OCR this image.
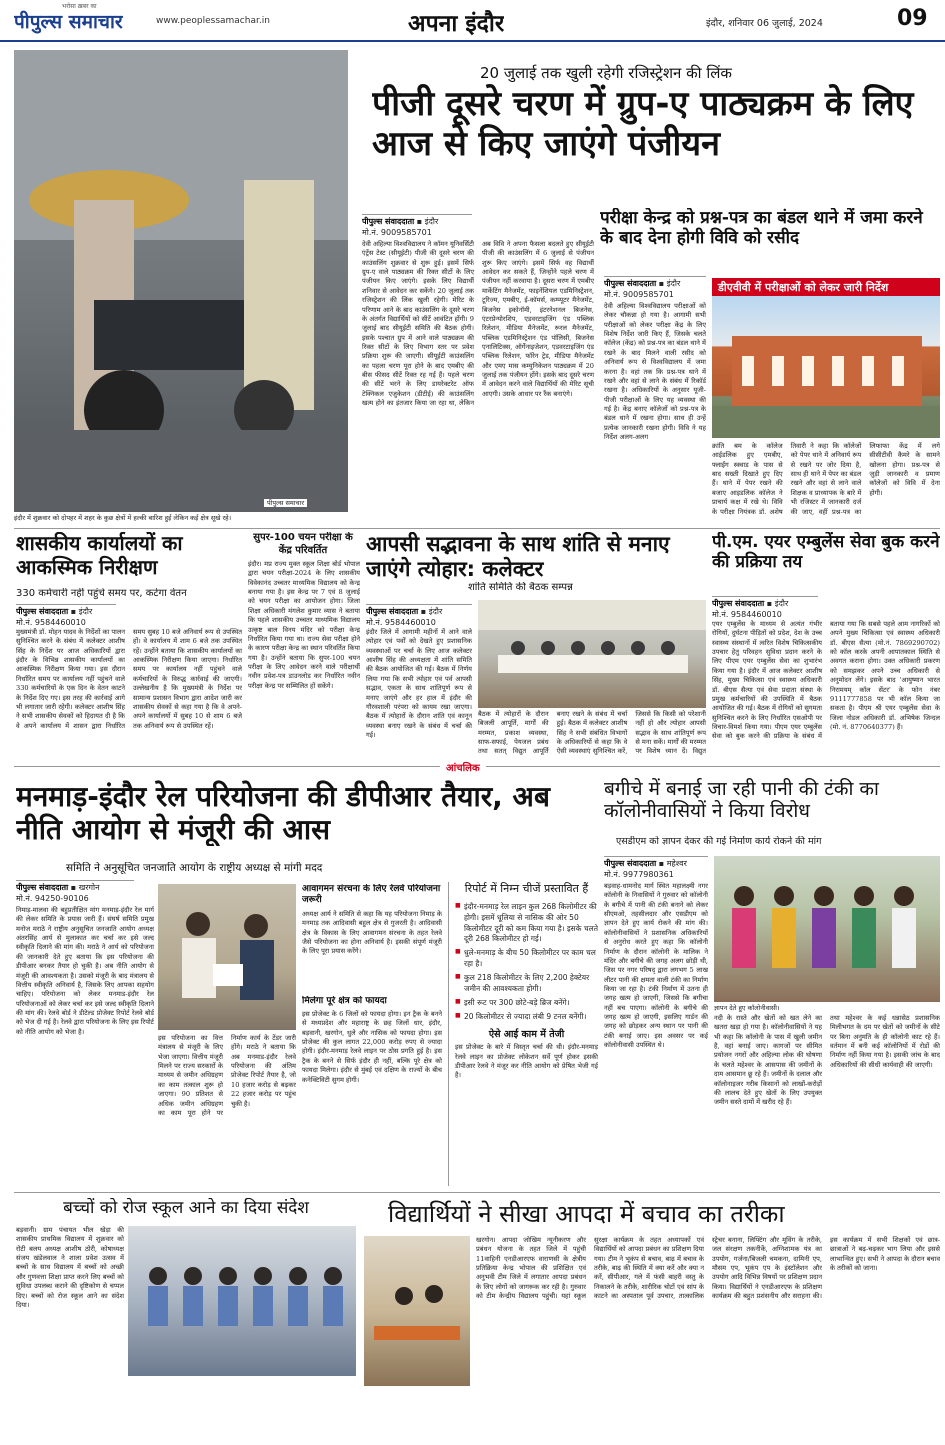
पीपुल्स समाचार
भरोसा ख़बर का
www.peoplessamachar.in	अपना इंदौर	इंदौर, शनिवार 06 जुलाई, 2024	09
पीपुल्स समाचार
इंदौर में शुक्रवार को दोपहर में शहर के कुछ क्षेत्रों में हल्की बारिश हुई लेकिन कई क्षेत्र सूखे रहे।
20 जुलाई तक खुली रहेगी रजिस्ट्रेशन की लिंक
पीजी दूसरे चरण में ग्रुप-ए पाठ्यक्रम के लिए आज से किए जाएंगे पंजीयन
पीपुल्स संवाददाता ▪ इंदौर
मो.नं. 9009585701
देवी अहिल्या विश्वविद्यालय ने कॉमन यूनिवर्सिटी एंट्रेंस टेस्ट (सीयूईटी) पीजी की दूसरे चरण की काउंसलिंग शुक्रवार से शुरू हुई। इसमें सिर्फ ग्रुप-ए वाले पाठ्यक्रम की रिक्त सीटों के लिए पंजीयन किए जाएंगे। इसके लिए विद्यार्थी शनिवार से आवेदन कर सकेंगे। 20 जुलाई तक रजिस्ट्रेशन की लिंक खुली रहेगी। मेरिट के परिणाम आने के बाद काउंसलिंग के दूसरे चरण के अंतर्गत विद्यार्थियों को सीटें आवंटित होंगी। 9 जुलाई बाद सीयूईटी समिति की बैठक होगी। इसके पश्चात ग्रुप में आने वाले पाठ्यक्रम की रिक्त सीटों के लिए विभाग स्तर पर प्रवेश प्रक्रिया शुरू की जाएगी। सीयूईटी काउंसलिंग का पहला चरण पूरा होने के बाद एमबीए की बीस फीसद सीटें रिक्त रह गईं हैं। पहले चरण की सीटें भरने के लिए डायरेक्टरेट ऑफ टेक्निकल एजुकेशन (डीटीई) की काउंसलिंग खत्म होने का इंतजार किया जा रहा था, लेकिन अब विवि ने अपना फैसला बदलते हुए सीयूईटी पीजी की काउंसलिंग में 6 जुलाई से पंजीयन शुरू किए जाएंगे। इसमें सिर्फ वह विद्यार्थी आवेदन कर सकते हैं, जिन्होंने पहले चरण में पंजीयन नहीं करवाया है। दूसरा चरण में एमबीए मार्केटिंग मैनेजमेंट, फाइनेंशियल एडमिनिस्ट्रेशन, टूरिज्म, एमबीए, ई-कॉमर्स, कम्प्यूटर मैनेजमेंट, बिजनेस इकोनॉमी, इंटरनेशनल बिजनेस, एंटरप्रेन्योरशिप, एडवरटाइजिंग एंड पब्लिक रिलेशन, मीडिया मैनेजमेंट, रूरल मैनेजमेंट, पब्लिक एडमिनिस्ट्रेशन एंड पॉलिसी, बिजनेस एनालिटिक्स, ऑर्गेनाइजेशन, एडवरटाइजिंग एंड पब्लिक रिलेशन, फॉरेन ट्रेड, मीडिया मैनेजमेंट और एमए मास कम्युनिकेशन पाठ्यक्रम में 20 जुलाई तक पंजीयन होंगे। इसके बाद दूसरे चरण में आवेदन करने वाले विद्यार्थियों की मेरिट सूची आएगी। उसके आधार पर रैंक बनाएंगे।
परीक्षा केन्द्र को प्रश्न-पत्र का बंडल थाने में जमा करने के बाद देना होगी विवि को रसीद
पीपुल्स संवाददाता ▪ इंदौर
मो.नं. 9009585701
देवी अहिल्या विश्वविद्यालय परीक्षाओं को लेकर चौकन्ना हो गया है। आगामी सभी परीक्षाओं को लेकर परीक्षा केंद्र के लिए विशेष निर्देश जारी किए हैं, जिसके चलते कॉलेज (केंद्र) को प्रश्न-पत्र का बंडल थाने में रखने के बाद मिलने वाली रसीद को अनिवार्य रूप से विश्वविद्यालय में जमा करना है। वहां तक कि प्रश्न-पत्र थाने में रखने और वहां से लाने के संबंध में रिकॉर्ड रखना है। अधिकारियों के अनुसार यूजी-पीजी परीक्षाओं के लिए यह व्यवस्था की गई है। केंद्र बनाए कॉलेजों को प्रश्न-पत्र के बंडल थाने में रखना होगा। साथ ही उन्हें प्रत्येक जानकारी रखना होगी। विवि ने यह निर्देश अलग-अलग
डीएवीवी में परीक्षाओं को लेकर जारी निर्देश
क्रांति बम के कॉलेज आईडलिक हुए एमबीए, फ्लाईंग स्क्वाड के पास से बाद सख्ती दिखाते हुए दिए हैं। थाने में पेपर रखने की बजाए आइडलिक कॉलेज ने प्राचार्य कक्ष में रखे थे। विवि के परीक्षा नियंत्रक डॉ. अशेष तिवारी ने कहा कि कॉलेजों को पेपर थाने में अनिवार्य रूप से रखने पर जोर दिया है, साथ ही थाने में पेपर का बंडल रखने और वहां से लाने वाले शिक्षक व प्राध्यापक के बारे में भी रजिस्टर में जानकारी दर्ज की जाए, वहीं प्रश्न-पत्र का लिफाफा केंद्र में लगे सीसीटीवी कैमरे के सामने खोलना होगा। प्रश्न-पत्र से जुड़ी जानकारी व प्रमाण कॉलेजों को विवि में देना होगी।
शासकीय कार्यालयों का आकस्मिक निरीक्षण
330 कर्मचारी नहीं पहुंचे समय पर, कटेगा वेतन
पीपुल्स संवाददाता ▪ इंदौर
मो.नं. 9584460010
मुख्यमंत्री डॉ. मोहन यादव के निर्देशों का पालन सुनिश्चित करने के संबंध में कलेक्टर आशीष सिंह के निर्देश पर आज अधिकारियों द्वारा इंदौर के विभिन्न शासकीय कार्यालयों का आकस्मिक निरीक्षण किया गया। इस दौरान निर्धारित समय पर कार्यालय नहीं पहुंचने वाले 330 कर्मचारियों के एक दिन के वेतन काटने के निर्देश दिए गए। इस तरह की कार्रवाई आगे भी लगातार जारी रहेगी। कलेक्टर आशीष सिंह ने सभी शासकीय सेवकों को हिदायत दी है कि वे अपने कार्यालय में शासन द्वारा निर्धारित समय सुबह 10 बजे अनिवार्य रूप से उपस्थित हों। वे कार्यालय में शाम 6 बजे तक उपस्थित रहें। उन्होंने बताया कि शासकीय कार्यालयों का आकस्मिक निरीक्षण किया जाएगा। निर्धारित समय पर कार्यालय नहीं पहुंचने वाले कर्मचारियों के विरुद्ध कार्रवाई की जाएगी। उल्लेखनीय है कि मुख्यमंत्री के निर्देश पर सामान्य प्रशासन विभाग द्वारा आदेश जारी कर शासकीय सेवकों से कहा गया है कि वे अपने-अपने कार्यालयों में सुबह 10 से शाम 6 बजे तक अनिवार्य रूप से उपस्थित रहें।
सुपर-100 चयन परीक्षा के केंद्र परिवर्तित
इंदौर। मप्र राज्य मुक्त स्कूल शिक्षा बोर्ड भोपाल द्वारा चयन परीक्षा-2024 के लिए शासकीय विवेकानंद उच्चतर माध्यमिक विद्यालय को केन्द्र बनाया गया है। इस केन्द्र पर 7 एवं 8 जुलाई को चयन परीक्षा का आयोजन होगा। जिला शिक्षा अधिकारी मंगलेश कुमार व्यास ने बताया कि पहले शासकीय उच्चतर माध्यमिक विद्यालय उत्कृष्ट बाल विनय मंदिर को परीक्षा केन्द्र निर्धारित किया गया था। राज्य सेवा परीक्षा होने के कारण परीक्षा केन्द्र का स्थान परिवर्तित किया गया है। उन्होंने बताया कि सुपर-100 चयन परीक्षा के लिए आवेदन करने वाले परीक्षार्थी नवीन प्रवेश-पत्र डाउनलोड कर निर्धारित नवीन परीक्षा केन्द्र पर सम्मिलित हों सकेंगे।
आपसी सद्भावना के साथ शांति से मनाए जाएंगे त्योहार: कलेक्टर
शांति समिति की बैठक सम्पन्न
पीपुल्स संवाददाता ▪ इंदौर
मो.नं. 9584460010
इंदौर जिले में आगामी महीनों में आने वाले त्योहार एवं पर्वों को देखते हुए प्रशासनिक व्यवस्थाओं पर चर्चा के लिए आज कलेक्टर आशीष सिंह की अध्यक्षता में शांति समिति की बैठक आयोजित की गई। बैठक में निर्णय लिया गया कि सभी त्योहार एवं पर्व आपसी सद्भाव, एकता के साथ शांतिपूर्ण रूप से मनाए जाएंगे और हर हाल में इंदौर की गौरवशाली परंपरा को कायम रखा जाएगा। बैठक में त्योहारों के दौरान शांति एवं कानून व्यवस्था बनाए रखने के संबंध में चर्चा की गई।
बैठक में त्योहारों के दौरान बिजली आपूर्ति, मार्गों की मरम्मत, प्रकाश व्यवस्था, साफ-सफाई, पेयजल प्रबंध तथा सतत् विद्युत आपूर्ति बनाए रखने के संबंध में चर्चा हुई। बैठक में कलेक्टर आशीष सिंह ने सभी संबंधित विभागों के अधिकारियों से कहा कि वे ऐसी व्यवस्थाएं सुनिश्चित करें, जिससे कि किसी को परेशानी नहीं हो और त्योहार आपसी सद्भाव के साथ शांतिपूर्ण रूप से मना सकें। मार्गों की मरम्मत पर विशेष ध्यान दें। विद्युत
पी.एम. एयर एम्बुलेंस सेवा बुक करने की प्रक्रिया तय
पीपुल्स संवाददाता ▪ इंदौर
मो.नं. 9584460010
एयर एम्बुलेंस के माध्यम से अत्यंत गंभीर रोगियों, दुर्घटना पीड़ितों को प्रदेश, देश के उच्च स्वास्थ्य संस्थानों में त्वरित विशेष चिकित्सकीय उपचार हेतु परिवहन सुविधा प्रदान करने के लिए पीएम एयर एम्बुलेंस सेवा का शुभारंभ किया गया है। इंदौर में आज कलेक्टर आशीष सिंह, मुख्य चिकित्सा एवं स्वास्थ्य अधिकारी डॉ. बीएस सैत्या एवं सेवा प्रदाता संस्था के प्रमुख कर्मचारियों की उपस्थिति में बैठक आयोजित की गई। बैठक में रोगियों को सुगमता सुनिश्चित करने के लिए निर्धारित एसओपी पर विचार-विमर्श किया गया। पीएम एयर एम्बुलेंस सेवा को बुक करने की प्रक्रिया के संबंध में बताया गया कि सबसे पहले आम नागरिकों को अपने मुख्य चिकित्सा एवं स्वास्थ्य अधिकारी डॉ. बीएस सैत्या (मो.नं. 7869290702) को कॉल करके अपनी आपातकाल स्थिति से अवगत कराना होगा। उक्त अधिकारी प्रकरण को समझकर अपने उच्च अधिकारी से अनुमोदन लेंगे। इसके बाद 'आयुष्मान भारत निरामयम् कॉल सेंटर' के फोन नंबर 9111777858 पर भी कॉल किया जा सकता है। पीएम श्री एयर एम्बुलेंस सेवा के जिला नोडल अधिकारी डॉ. अभिषेक जिन्दल (मो. नं. 8770640377) हैं।
आंचलिक
मनमाड़-इंदौर रेल परियोजना की डीपीआर तैयार, अब नीति आयोग से मंजूरी की आस
समिति ने अनुसूचित जनजाति आयोग के राष्ट्रीय अध्यक्ष से मांगी मदद
पीपुल्स संवाददाता ▪ खरगोन
मो.नं. 94250-90106
निमाड़-मालवा की बहुप्रतीक्षित मांग मनमाड़-इंदौर रेल मार्ग की लेकर समिति के प्रयास जारी हैं। संघर्ष समिति प्रमुख मनोज मराठे ने राष्ट्रीय अनुसूचित जनजाति आयोग अध्यक्ष अंतरसिंह आर्य से मुलाकात कर चर्चा कर इसे जल्द स्वीकृति दिलाने की मांग की। मराठे ने आर्य को परियोजना की जानकारी देते हुए बताया कि इस परियोजना की डीपीआर बनकर तैयार हो चुकी है। अब नीति आयोग से मंजूरी की आवश्यकता है। उसको मंजूरी के बाद मंत्रालय से वित्तीय स्वीकृति अनिवार्य है, जिसके लिए आपका सहयोग चाहिए। परियोजना को लेकर मनमाड-इंदौर रेल परियोजनाओं को लेकर चर्चा कर इसे जल्द स्वीकृति दिलाने की मांग की। रेलवे बोर्ड ने डीटेल्ड प्रोजेक्ट रिपोर्ट रेलवे बोर्ड को भेज दी गई है। रेलवे द्वारा परियोजना के लिए इस रिपोर्ट को नीति आयोग को भेजा है।
इस परियोजना का वित्त मंत्रालय से मंजूरी के लिए भेजा जाएगा। वित्तीय मंजूरी मिलने पर राज्य सरकारों के माध्यम से जमीन अधिग्रहण का काम तत्काल शुरू हो जाएगा। 90 प्रतिशत से अधिक जमीन अधिग्रहण का काम पूरा होने पर निर्माण कार्य के टेंडर जारी होंगे। मराठे ने बताया कि अब मनमाड-इंदौर रेलवे परियोजना की अंतिम प्रोजेक्ट रिपोर्ट तैयार है, जो 10 हजार करोड़ से बढ़कर 22 हजार करोड़ पर पहुंच चुकी है।
आवागमन संरचना के लिए रेलवे परियोजना जरूरी
अध्यक्ष आर्य ने समिति से कहा कि यह परियोजना निमाड़ के मनमाड़ तक आदिवासी बहुल क्षेत्र से गुजरती है। आदिवासी क्षेत्र के विकास के लिए आवागमन संरचना के तहत रेलवे जैसे परियोजना का होना अनिवार्य है। इसकी संपूर्ण मंजूरी के लिए पूरा प्रयास करेंगे।
मिलेगा पूरे क्षेत्र को फायदा
इस प्रोजेक्ट के 6 जिलों को फायदा होगा। इन ट्रैक के बनने से मध्यप्रदेश और महाराष्ट्र के छह जिलों धार, इंदौर, बड़वानी, खरगोन, धुले और नासिक को फायदा होगा। इस प्रोजेक्ट की कुल लागत 22,000 करोड़ रुपए से ज्यादा होगी। इंदौर-मनमाड़ रेलवे लाइन पर ठोस प्रगति हुई है। इस ट्रैक के बनने से सिर्फ इंदौर ही नहीं, बल्कि पूरे क्षेत्र को फायदा मिलेगा। इंदौर से मुंबई एवं दक्षिण के राज्यों के बीच कनेक्टिविटी सुगम होगी।
रिपोर्ट में निम्न चीजें प्रस्तावित हैं
■ इंदौर-मनमाड़ रेल लाइन कुल 268 किलोमीटर की होगी। इसमें धूलिया से नासिक की ओर 50 किलोमीटर दूरी को कम किया गया है। इसके चलते दूरी 268 किलोमीटर हो गई।
■ धुले-मनमाड़ के बीच 50 किलोमीटर पर काम चल रहा है।
■ कुल 218 किलोमीटर के लिए 2,200 हेक्टेयर जमीन की आवश्यकता होगी।
■ इसी रूट पर 300 छोटे-बड़े ब्रिज बनेंगे।
■ 20 किलोमीटर से ज्यादा लंबी 9 टनल बनेंगी।
ऐसे आई काम में तेजी
इस प्रोजेक्ट के बारे में विस्तृत चर्चा की थी। इंदौर-मनमाड़ रेलवे लाइन का प्रोजेक्ट लोकेशन सर्वे पूर्ण होकर इसकी डीपीआर रेलवे ने मंजूर कर नीति आयोग को प्रेषित भेजी गई है।
बगीचे में बनाई जा रही पानी की टंकी का कॉलोनीवासियों ने किया विरोध
एसडीएम को ज्ञापन देकर की गई निर्माण कार्य रोकने की मांग
पीपुल्स संवाददाता ▪ महेश्वर
मो.नं. 9977980361
बड़वाह-धामनोद मार्ग स्थित महालक्ष्मी नगर कॉलोनी के निवासियों ने गुरुवार को कॉलोनी के बगीचे में पानी की टंकी बनाने को लेकर सीएमओ, तहसीलदार और एसडीएम को ज्ञापन देते हुए कार्य रोकने की मांग की। कॉलोनीवासियों ने प्रशासनिक अधिकारियों से अनुरोध करते हुए कहा कि कॉलोनी निर्माण के दौरान कॉलोनी के मालिक ने मंदिर और बगीचे की जगह अलग छोड़ी थी, जिस पर नगर परिषद् द्वारा लगभग 5 लाख लीटर पानी की क्षमता वाली टंकी का निर्माण किया जा रहा है। टंकी निर्माण में उतना ही जगह खत्म हो जाएगी, जिससे कि बगीचा नहीं बच पाएगा। कॉलोनी के बगीचे की जगह खत्म हो जाएगी, इसलिए गार्डन की जगह को छोड़कर अन्य स्थान पर पानी की टंकी बनाई जाए। इस अवसर पर कई कॉलोनीवासी उपस्थित थे।
ज्ञापन देते हुए कॉलोनीवासी।
नदी के रास्ते और खेतों को खत लेने का खतरा खड़ा हो गया है। कॉलोनीवासियों ने यह भी कहा कि कॉलोनी के पास में खुली जमीन है, वहां बनाई जाए। कागजों पर सीमित प्रयोजन नगरों और अहिल्या लोक की घोषणा के चलते महेश्वर के आसपास की जमीनों के दाम आसमान छू रहे हैं। जमीनों के दलाल और कॉलोनाइजर गरीब किसानों को लाखों-करोड़ों की लालच देते हुए खेतों के लिए उपयुक्त जमीन सस्ते दामों में खरीद रहे हैं।
तथा महेश्वर के कई धन्नासेठ प्रशासनिक मिलीभगत के दम पर खेतों को जमीनों के सीटे पर बिना अनुमति के ही कॉलोनी काट रहे हैं। वर्तमान में बनी कई कॉलोनियों में रोडों की निर्माण नहीं किया गया है। इसकी जांच के बाद अधिकारियों की सीधी कार्यवाही की जाएगी।
बच्चों को रोज स्कूल आने का दिया संदेश
बड़वानी। ग्राम पंचायत भील खेड़ा की शासकीय प्राथमिक विद्यालय में शुक्रवार को रोटी बलय अध्यक्ष आशीष ठोरी, कोषाध्यक्ष संजय खंडेलवाल ने शाला प्रवेश उत्सव में बच्चों के साथ विद्यालय में बच्चों को अच्छी और गुणवत्ता शिक्षा प्राप्त करने लिए बच्चों को सुविधा उपलब्ध कराने की दृष्टिकोण से चप्पल दिए। बच्चों को रोज स्कूल आने का संदेश दिया।
विद्यार्थियों ने सीखा आपदा में बचाव का तरीका
खरगोन। आपदा जोखिम न्यूनीकरण और प्रबंधन योजना के तहत जिले में पहुंची 11वाहिनी एनडीआरएफ वाराणसी के क्षेत्रीय प्रतिक्रिया केन्द्र भोपाल की प्रशिक्षित एवं अनुभवी टीम जिले में लगातार आपदा प्रबंधन के लिए लोगों को जागरूक कर रही है। गुरुवार को टीम केन्द्रीय विद्यालय पहुंची। यहां स्कूल सुरक्षा कार्यक्रम के तहत अध्यापकों एवं विद्यार्थियों को आपदा प्रबंधन का प्रशिक्षण दिया गया। टीम ने भूकंप से बचाव, बाढ़ में बचाव के तरीके, बाढ़ की स्थिति में क्या करें और क्या न करें, सीपीआर, गले में फंसी बाहरी वस्तु के निकालने के तरीके, शारीरिक चोटों एवं सांप के काटने का अस्पताल पूर्व उपचार, तात्कालिक स्ट्रेचर बनाना, लिफ्टिंग और मूविंग के तरीके, जल संरक्षण तकनीकें, अग्निशामक यंत्र का उपयोग, गर्जना/बिजली चमकना, दामिनी एप, मौसम एप, भूकंप एप के इंस्टॉलेशन और उपयोग आदि विभिन्न विषयों पर प्रशिक्षण प्रदान किया। विद्यार्थियों ने एनडीआरएफ के प्रशिक्षण कार्यक्रम की बहुत प्रशंसनीय और सराहना की। इस कार्यक्रम में सभी शिक्षकों एवं छात्र-छात्राओं ने बढ़-चढ़कर भाग लिया और इससे लाभान्वित हुए। सभी ने आपदा के दौरान बचाव के तरीकों को जाना।
